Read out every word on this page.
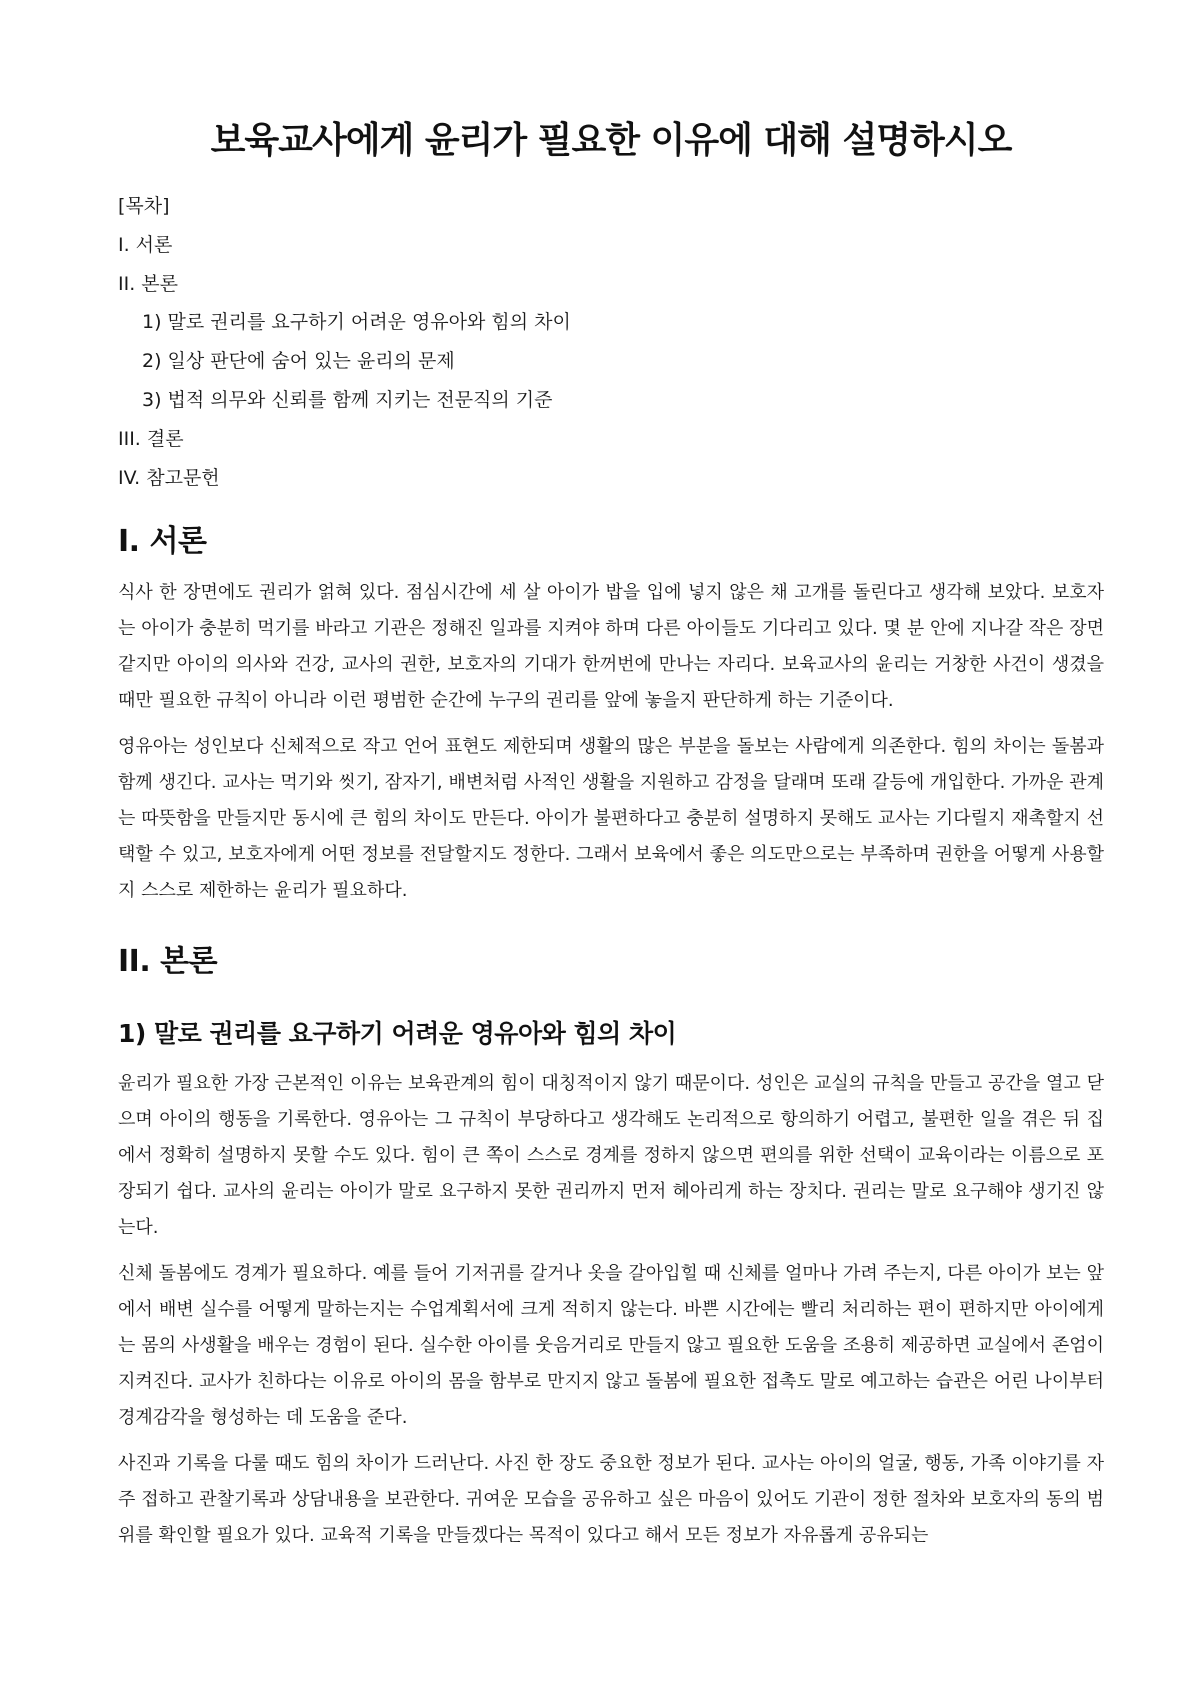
보육교사에게 윤리가 필요한 이유에 대해 설명하시오

[목차]

I. 서론

II. 본론

1) 말로 권리를 요구하기 어려운 영유아와 힘의 차이

2) 일상 판단에 숨어 있는 윤리의 문제

3) 법적 의무와 신뢰를 함께 지키는 전문직의 기준

III. 결론

IV. 참고문헌

I. 서론

식사 한 장면에도 권리가 얽혀 있다. 점심시간에 세 살 아이가 밥을 입에 넣지 않은 채 고개를 돌린다고 생각해 보았다. 보호자는 아이가 충분히 먹기를 바라고 기관은 정해진 일과를 지켜야 하며 다른 아이들도 기다리고 있다. 몇 분 안에 지나갈 작은 장면 같지만 아이의 의사와 건강, 교사의 권한, 보호자의 기대가 한꺼번에 만나는 자리다. 보육교사의 윤리는 거창한 사건이 생겼을 때만 필요한 규칙이 아니라 이런 평범한 순간에 누구의 권리를 앞에 놓을지 판단하게 하는 기준이다.

영유아는 성인보다 신체적으로 작고 언어 표현도 제한되며 생활의 많은 부분을 돌보는 사람에게 의존한다. 힘의 차이는 돌봄과 함께 생긴다. 교사는 먹기와 씻기, 잠자기, 배변처럼 사적인 생활을 지원하고 감정을 달래며 또래 갈등에 개입한다. 가까운 관계는 따뜻함을 만들지만 동시에 큰 힘의 차이도 만든다. 아이가 불편하다고 충분히 설명하지 못해도 교사는 기다릴지 재촉할지 선택할 수 있고, 보호자에게 어떤 정보를 전달할지도 정한다. 그래서 보육에서 좋은 의도만으로는 부족하며 권한을 어떻게 사용할지 스스로 제한하는 윤리가 필요하다.

II. 본론
1) 말로 권리를 요구하기 어려운 영유아와 힘의 차이

윤리가 필요한 가장 근본적인 이유는 보육관계의 힘이 대칭적이지 않기 때문이다. 성인은 교실의 규칙을 만들고 공간을 열고 닫으며 아이의 행동을 기록한다. 영유아는 그 규칙이 부당하다고 생각해도 논리적으로 항의하기 어렵고, 불편한 일을 겪은 뒤 집에서 정확히 설명하지 못할 수도 있다. 힘이 큰 쪽이 스스로 경계를 정하지 않으면 편의를 위한 선택이 교육이라는 이름으로 포장되기 쉽다. 교사의 윤리는 아이가 말로 요구하지 못한 권리까지 먼저 헤아리게 하는 장치다. 권리는 말로 요구해야 생기진 않는다.

신체 돌봄에도 경계가 필요하다. 예를 들어 기저귀를 갈거나 옷을 갈아입힐 때 신체를 얼마나 가려 주는지, 다른 아이가 보는 앞에서 배변 실수를 어떻게 말하는지는 수업계획서에 크게 적히지 않는다. 바쁜 시간에는 빨리 처리하는 편이 편하지만 아이에게는 몸의 사생활을 배우는 경험이 된다. 실수한 아이를 웃음거리로 만들지 않고 필요한 도움을 조용히 제공하면 교실에서 존엄이 지켜진다. 교사가 친하다는 이유로 아이의 몸을 함부로 만지지 않고 돌봄에 필요한 접촉도 말로 예고하는 습관은 어린 나이부터 경계감각을 형성하는 데 도움을 준다.

사진과 기록을 다룰 때도 힘의 차이가 드러난다. 사진 한 장도 중요한 정보가 된다. 교사는 아이의 얼굴, 행동, 가족 이야기를 자주 접하고 관찰기록과 상담내용을 보관한다. 귀여운 모습을 공유하고 싶은 마음이 있어도 기관이 정한 절차와 보호자의 동의 범위를 확인할 필요가 있다. 교육적 기록을 만들겠다는 목적이 있다고 해서 모든 정보가 자유롭게 공유되는
